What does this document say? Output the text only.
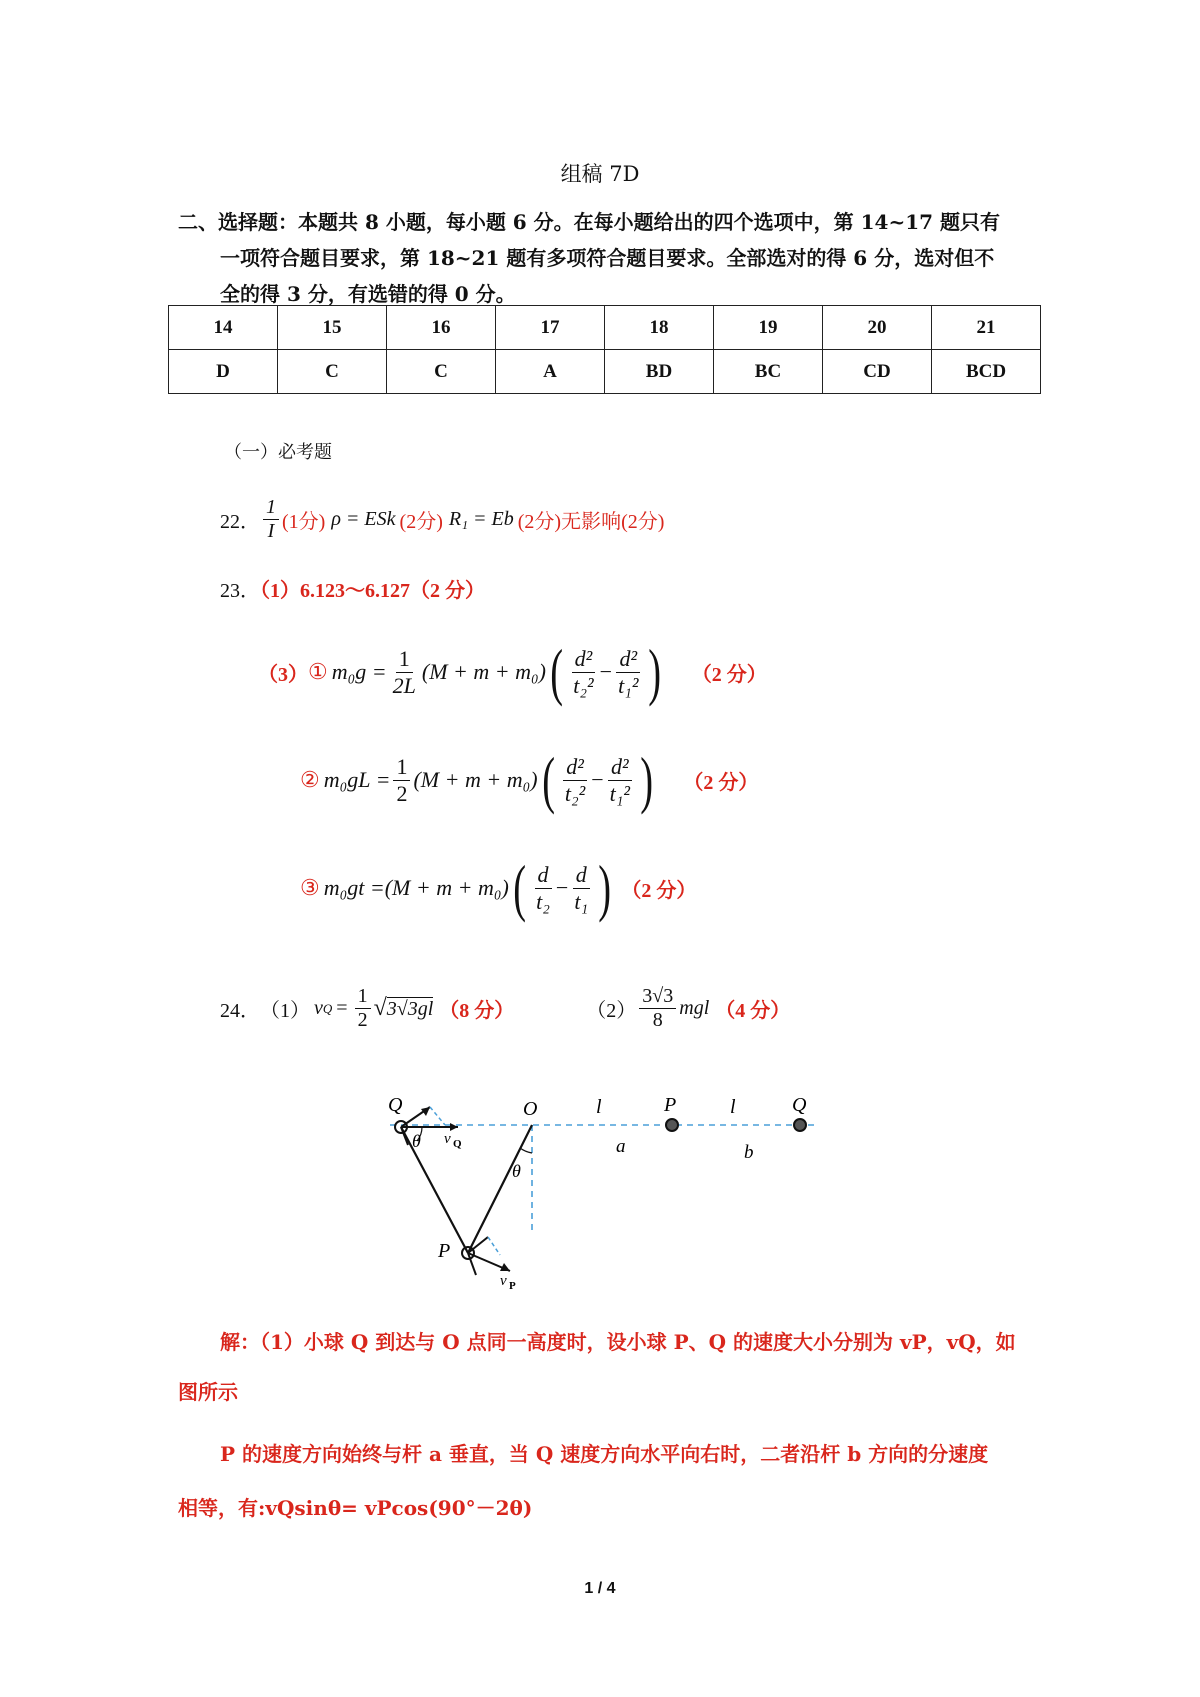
组稿 7D
二、选择题：本题共 8 小题，每小题 6 分。在每小题给出的四个选项中，第 14~17 题只有

一项符合题目要求，第 18~21 题有多项符合题目要求。全部选对的得 6 分，选对但不
全的得 3 分，有选错的得 0 分。
14	15	16	17	18	19	20	21
D	C	C	A	BD	BC	CD	BCD
（一）必考题
22． $\frac{1}{I} (1$分) ρ = ESk (2分) R₁ = Eb (2分)无影响(2分)
23．（1）6.123～6.127（2 分）
（3） ① $m_0g = \frac{1}{2L} (M + m + m_0)$ ( $\frac{\text{d²}}{\text{t₂²}} - \frac{\text{d²}}{\text{t₁²}}$ ) （2 分）
② $m_0gL = \frac{1}{2} (M + m + m_0)$ ( $\frac{\text{d²}}{\text{t₂²}} - \frac{\text{d²}}{\text{t₁²}}$ ) （2 分）
③ m₀gt = (M + m + m₀) ( $\frac{d}{\text{t₂}} - \frac{d}{\text{t₁}}$ ) （2 分）
24． （1） v $Q = \frac{1}{2}$ √ 3√3gl （8 分）	$(2) \frac{3√3}{8}$ mgl （4 分）
Q	O	l	P	l	Q
a	b
θ
θ
P
v Q
v P
解：（1）小球 Q 到达与 O 点同一高度时，设小球 P、Q 的速度大小分别为 vP，vQ，如
图所示
P 的速度方向始终与杆 a 垂直，当 Q 速度方向水平向右时，二者沿杆 b 方向的分速度
相等，有:vQsinθ= vPcos(90°－2θ)
1 / 4
